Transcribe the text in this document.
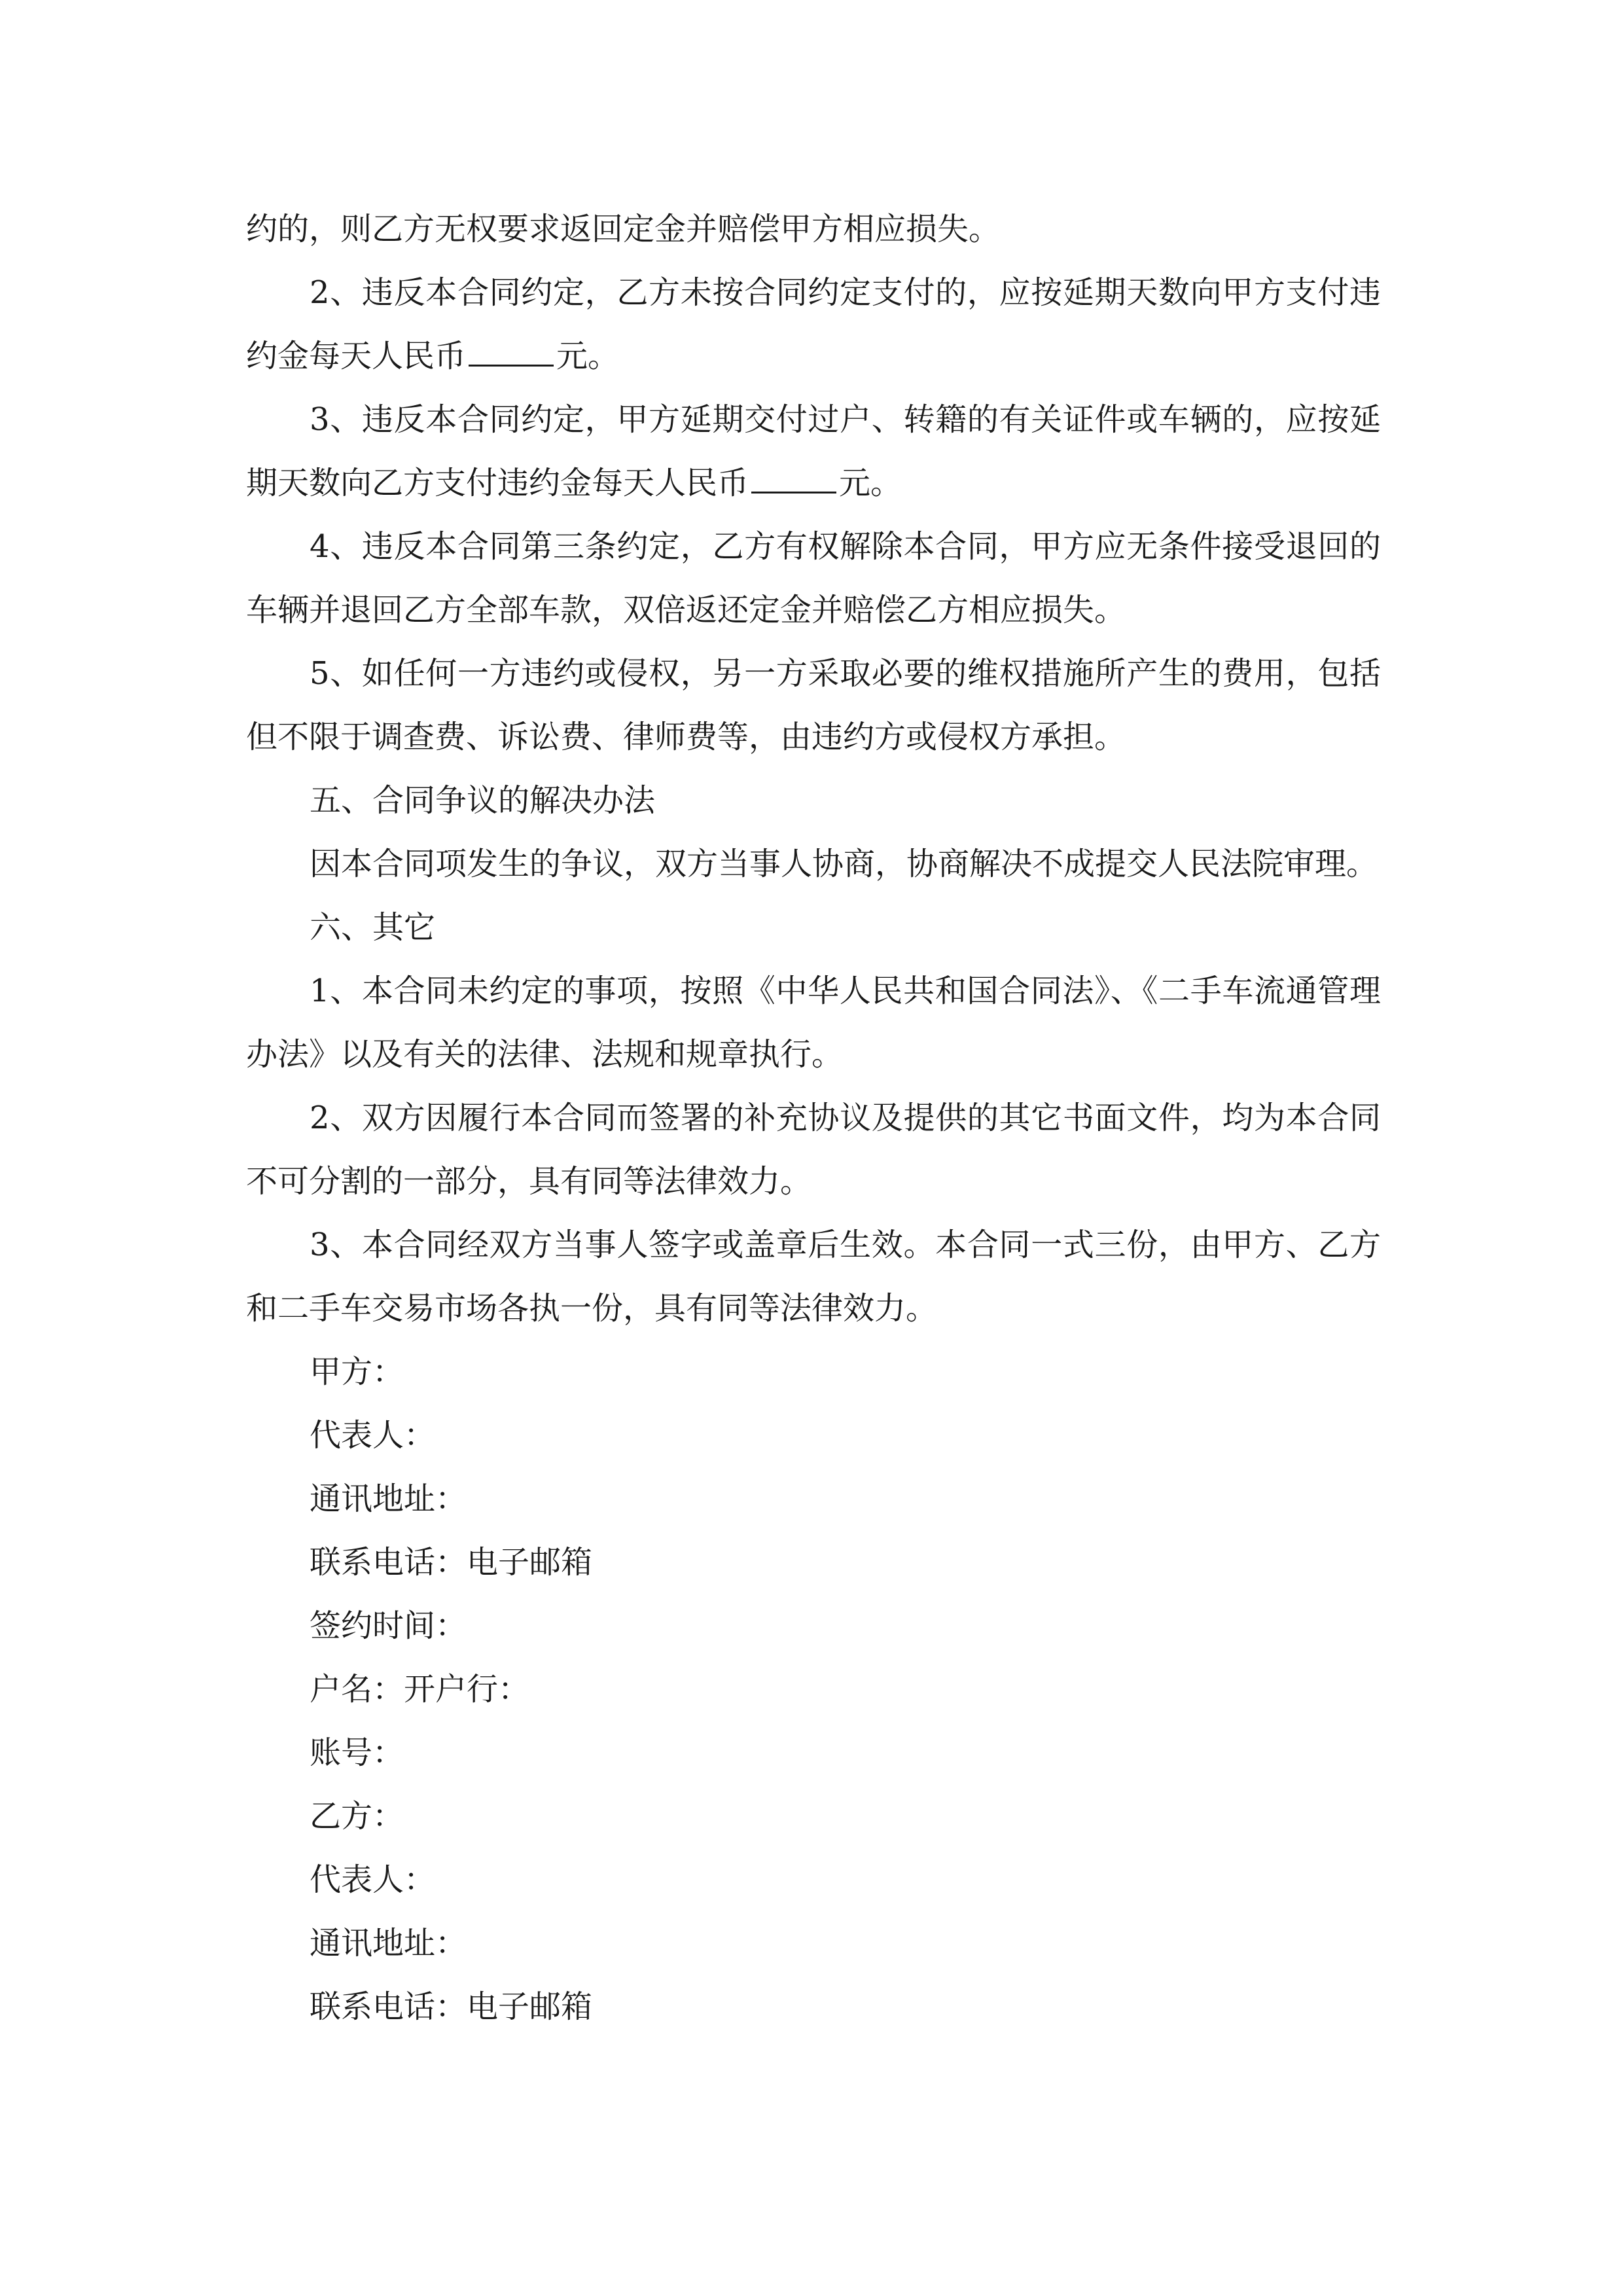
约的，则乙方无权要求返回定金并赔偿甲方相应损失。

2、违反本合同约定，乙方未按合同约定支付的，应按延期天数向甲方支付违约金每天人民币	元。

3、违反本合同约定，甲方延期交付过户、转籍的有关证件或车辆的，应按延期天数向乙方支付违约金每天人民币	元。

4、违反本合同第三条约定，乙方有权解除本合同，甲方应无条件接受退回的车辆并退回乙方全部车款，双倍返还定金并赔偿乙方相应损失。

5、如任何一方违约或侵权，另一方采取必要的维权措施所产生的费用，包括但不限于调查费、诉讼费、律师费等，由违约方或侵权方承担。

五、合同争议的解决办法

因本合同项发生的争议，双方当事人协商，协商解决不成提交人民法院审理。

六、其它

1、本合同未约定的事项，按照《中华人民共和国合同法》、《二手车流通管理办法》以及有关的法律、法规和规章执行。

2、双方因履行本合同而签署的补充协议及提供的其它书面文件，均为本合同不可分割的一部分，具有同等法律效力。

3、本合同经双方当事人签字或盖章后生效。本合同一式三份，由甲方、乙方和二手车交易市场各执一份，具有同等法律效力。

甲方：

代表人：

通讯地址：

联系电话：电子邮箱

签约时间：

户名：开户行：

账号：

乙方：

代表人：

通讯地址：

联系电话：电子邮箱
